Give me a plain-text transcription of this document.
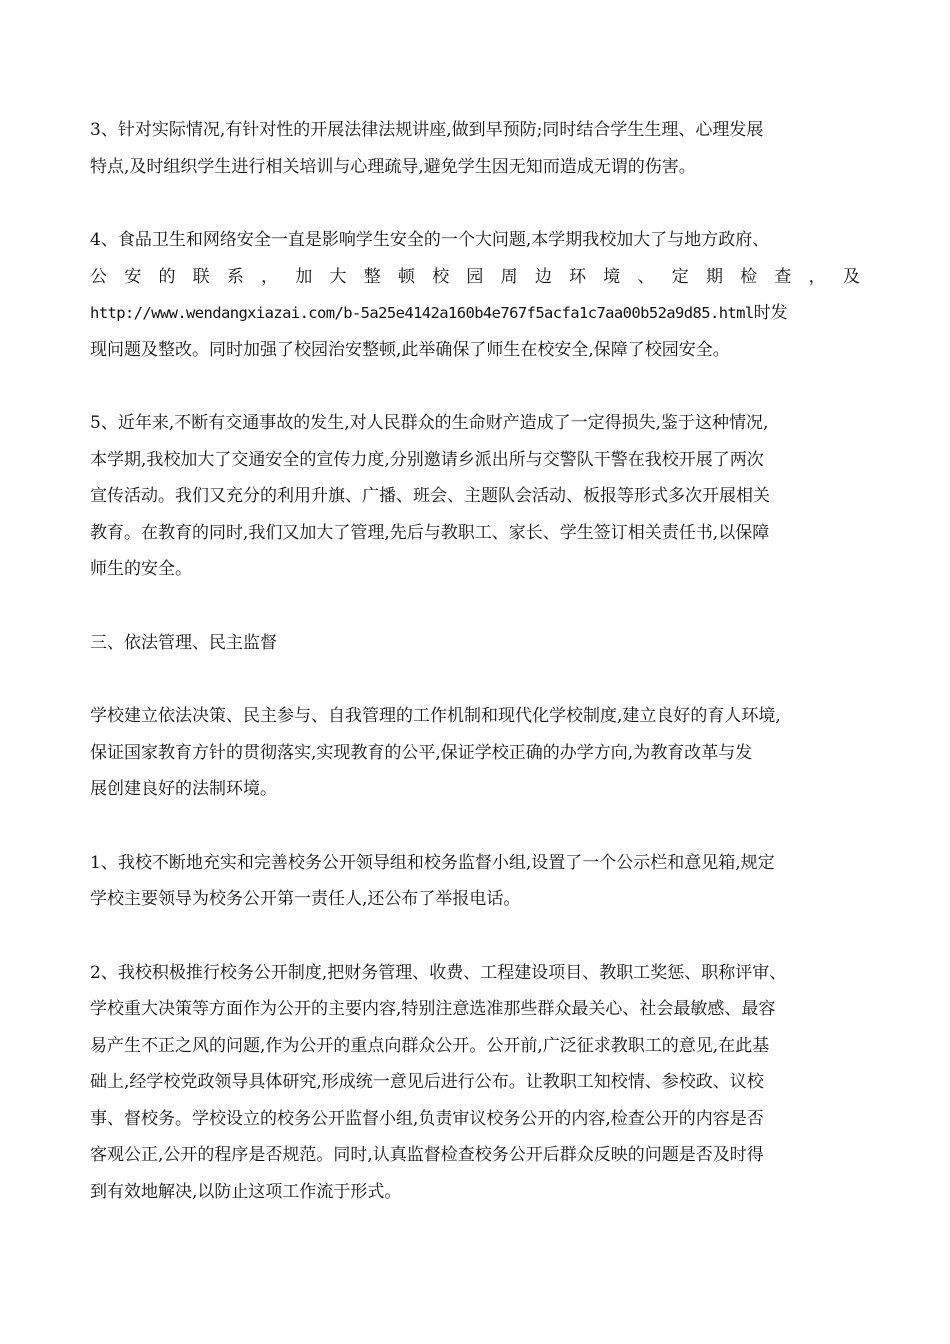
3、针对实际情况,有针对性的开展法律法规讲座,做到早预防;同时结合学生生理、心理发展
特点,及时组织学生进行相关培训与心理疏导,避免学生因无知而造成无谓的伤害。
4、食品卫生和网络安全一直是影响学生安全的一个大问题,本学期我校加大了与地方政府、
公 安 的 联 系 ， 加 大 整 顿 校 园 周 边 环 境 、 定 期 检 查 ， 及
http://www.wendangxiazai.com/b-5a25e4142a160b4e767f5acfa1c7aa00b52a9d85.html时发
现问题及整改。同时加强了校园治安整顿,此举确保了师生在校安全,保障了校园安全。
5、近年来,不断有交通事故的发生,对人民群众的生命财产造成了一定得损失,鉴于这种情况,
本学期,我校加大了交通安全的宣传力度,分别邀请乡派出所与交警队干警在我校开展了两次
宣传活动。我们又充分的利用升旗、广播、班会、主题队会活动、板报等形式多次开展相关
教育。在教育的同时,我们又加大了管理,先后与教职工、家长、学生签订相关责任书,以保障
师生的安全。
三、依法管理、民主监督
学校建立依法决策、民主参与、自我管理的工作机制和现代化学校制度,建立良好的育人环境,
保证国家教育方针的贯彻落实,实现教育的公平,保证学校正确的办学方向,为教育改革与发
展创建良好的法制环境。
1、我校不断地充实和完善校务公开领导组和校务监督小组,设置了一个公示栏和意见箱,规定
学校主要领导为校务公开第一责任人,还公布了举报电话。
2、我校积极推行校务公开制度,把财务管理、收费、工程建设项目、教职工奖惩、职称评审、
学校重大决策等方面作为公开的主要内容,特别注意选准那些群众最关心、社会最敏感、最容
易产生不正之风的问题,作为公开的重点向群众公开。公开前,广泛征求教职工的意见,在此基
础上,经学校党政领导具体研究,形成统一意见后进行公布。让教职工知校情、参校政、议校
事、督校务。学校设立的校务公开监督小组,负责审议校务公开的内容,检查公开的内容是否
客观公正,公开的程序是否规范。同时,认真监督检查校务公开后群众反映的问题是否及时得
到有效地解决,以防止这项工作流于形式。
